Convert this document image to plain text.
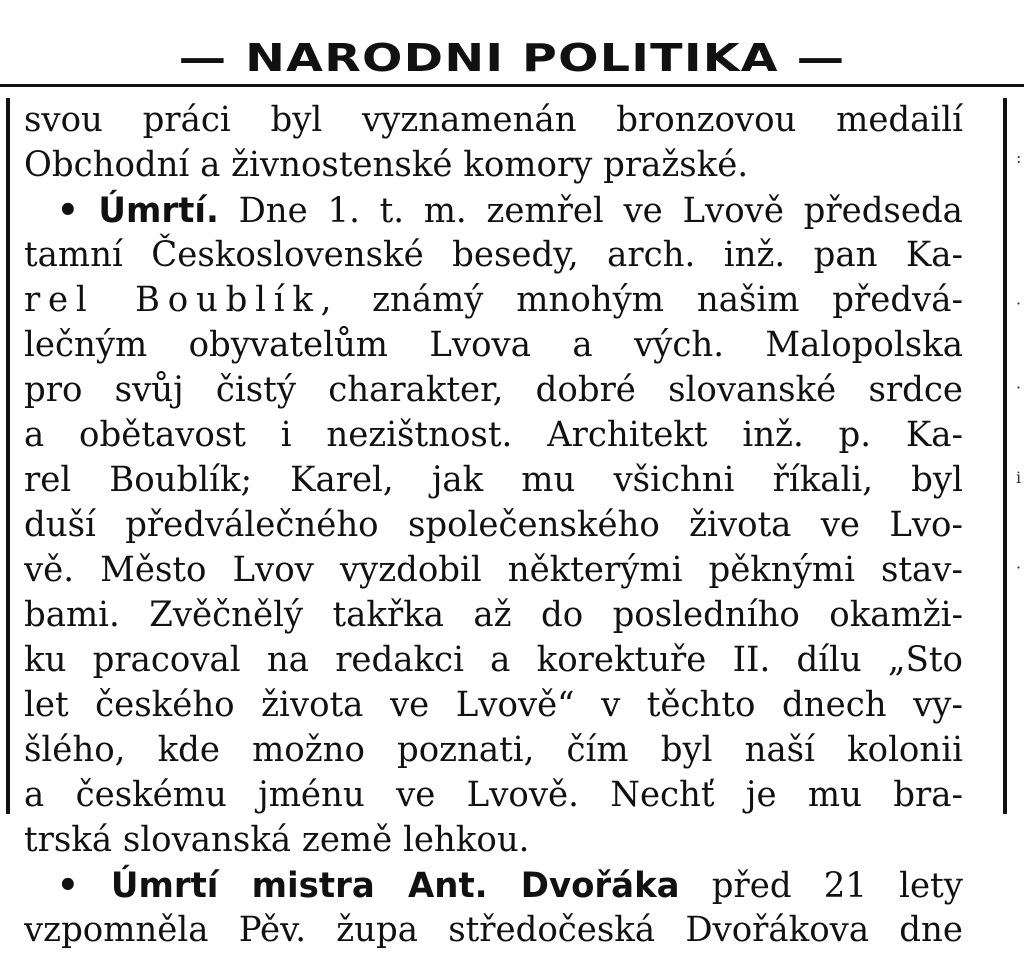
— NARODNI POLITIKA —
:
·
·
i
·
svou práci byl vyznamenán bronzovou medailí
Obchodní a živnostenské komory pražské.
• Úmrtí. Dne 1. t. m. zemřel ve Lvově předseda
tamní Československé besedy, arch. inž. pan Ka-
rel Boublík, známý mnohým našim předvá-
lečným obyvatelům Lvova a vých. Malopolska
pro svůj čistý charakter, dobré slovanské srdce
a obětavost i nezištnost. Architekt inž. p. Ka-
rel Boublík; Karel, jak mu všichni říkali, byl
duší předválečného společenského života ve Lvo-
vě. Město Lvov vyzdobil některými pěknými stav-
bami. Zvěčnělý takřka až do posledního okamži-
ku pracoval na redakci a korektuře II. dílu „Sto
let českého života ve Lvově“ v těchto dnech vy-
šlého, kde možno poznati, čím byl naší kolonii
a českému jménu ve Lvově. Nechť je mu bra-
trská slovanská země lehkou.
• Úmrtí mistra Ant. Dvořáka před 21 lety
vzpomněla Pěv. župa středočeská Dvořákova dne
